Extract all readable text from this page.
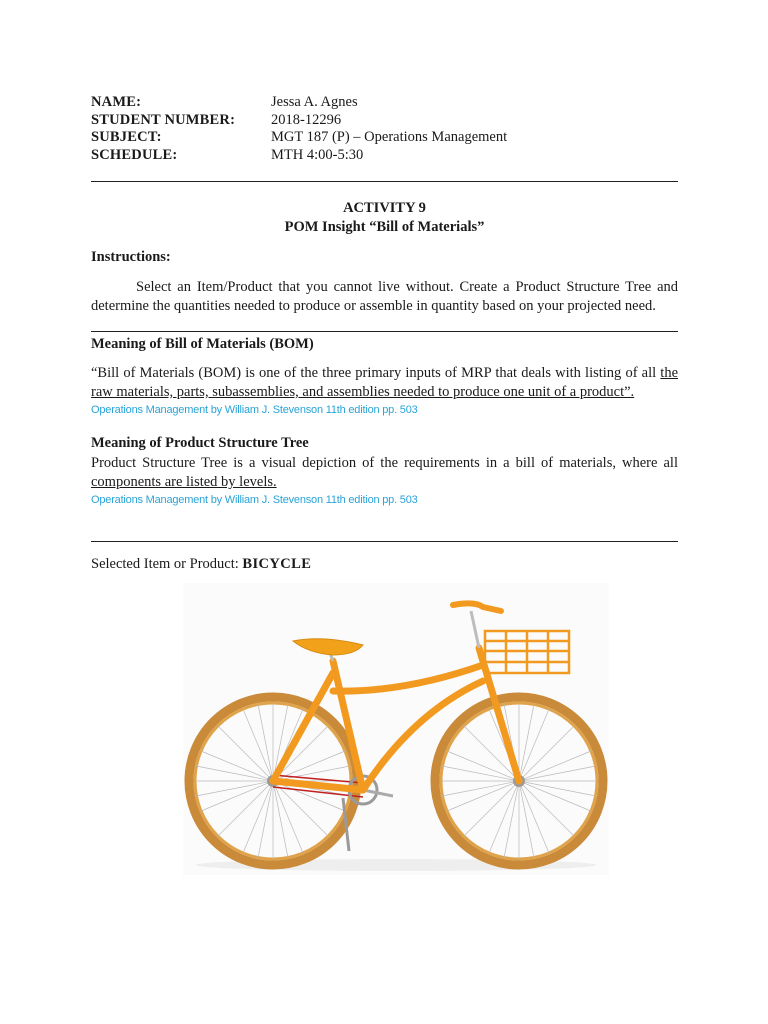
NAME:	Jessa A. Agnes
STUDENT NUMBER:	2018-12296
SUBJECT:	MGT 187 (P) – Operations Management
SCHEDULE:	MTH 4:00-5:30
ACTIVITY 9
POM Insight “Bill of Materials”
Instructions:
Select an Item/Product that you cannot live without. Create a Product Structure Tree and determine the quantities needed to produce or assemble in quantity based on your projected need.
Meaning of Bill of Materials (BOM)
“Bill of Materials (BOM) is one of the three primary inputs of MRP that deals with listing of all the raw materials, parts, subassemblies, and assemblies needed to produce one unit of a product”.
Operations Management by William J. Stevenson 11th edition pp. 503
Meaning of Product Structure Tree
Product Structure Tree is a visual depiction of the requirements in a bill of materials, where all components are listed by levels.
Operations Management by William J. Stevenson 11th edition pp. 503
Selected Item or Product: BICYCLE
